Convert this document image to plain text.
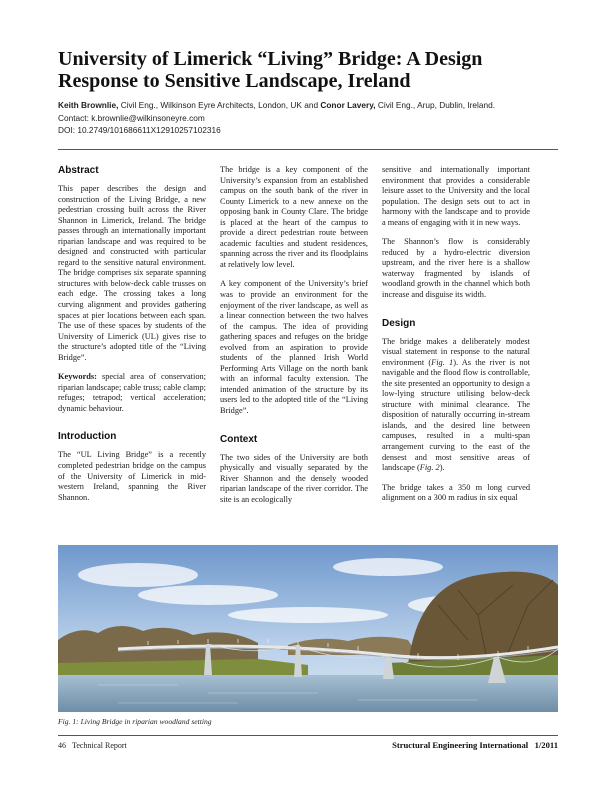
University of Limerick “Living” Bridge: A Design Response to Sensitive Landscape, Ireland
Keith Brownlie, Civil Eng., Wilkinson Eyre Architects, London, UK and Conor Lavery, Civil Eng., Arup, Dublin, Ireland.
Contact: k.brownlie@wilkinsoneyre.com
DOI: 10.2749/101686611X12910257102316
Abstract

This paper describes the design and construction of the Living Bridge, a new pedestrian crossing built across the River Shannon in Limerick, Ireland. The bridge passes through an internationally important riparian landscape and was required to be designed and constructed with particular regard to the sensitive natural environment. The bridge comprises six separate spanning structures with below-deck cable trusses on each edge. The crossing takes a long curving alignment and provides gathering spaces at pier locations between each span. The use of these spaces by students of the University of Limerick (UL) gives rise to the structure’s adopted title of the “Living Bridge”.

Keywords: special area of conservation; riparian landscape; cable truss; cable clamp; refuges; tetrapod; vertical acceleration; dynamic behaviour.

Introduction

The “UL Living Bridge” is a recently completed pedestrian bridge on the campus of the University of Limerick in mid-western Ireland, spanning the River Shannon.

The bridge is a key component of the University’s expansion from an established campus on the south bank of the river in County Limerick to a new annexe on the opposing bank in County Clare. The bridge is placed at the heart of the campus to provide a direct pedestrian route between academic faculties and student residences, spanning across the river and its floodplains at relatively low level.

A key component of the University’s brief was to provide an environment for the enjoyment of the river landscape, as well as a linear connection between the two halves of the campus. The idea of providing gathering spaces and refuges on the bridge evolved from an aspiration to provide students of the planned Irish World Performing Arts Village on the north bank with an informal faculty extension. The intended animation of the structure by its users led to the adopted title of the “Living Bridge”.

Context

The two sides of the University are both physically and visually separated by the River Shannon and the densely wooded riparian landscape of the river corridor. The site is an ecologically

sensitive and internationally important environment that provides a considerable leisure asset to the University and the local population. The design sets out to act in harmony with the landscape and to provide a means of engaging with it in new ways.

The Shannon’s flow is considerably reduced by a hydro-electric diversion upstream, and the river here is a shallow waterway fragmented by islands of woodland growth in the channel which both increase and disguise its width.

Design

The bridge makes a deliberately modest visual statement in response to the natural environment (Fig. 1). As the river is not navigable and the flood flow is controllable, the site presented an opportunity to design a low-lying structure utilising below-deck structure with minimal clearance. The disposition of naturally occurring in-stream islands, and the desired line between campuses, resulted in a multi-span arrangement curving to the east of the densest and most sensitive areas of landscape (Fig. 2).

The bridge takes a 350 m long curved alignment on a 300 m radius in six equal

Fig. 1: Living Bridge in riparian woodland setting
46 Technical Report	Structural Engineering International 1/2011
